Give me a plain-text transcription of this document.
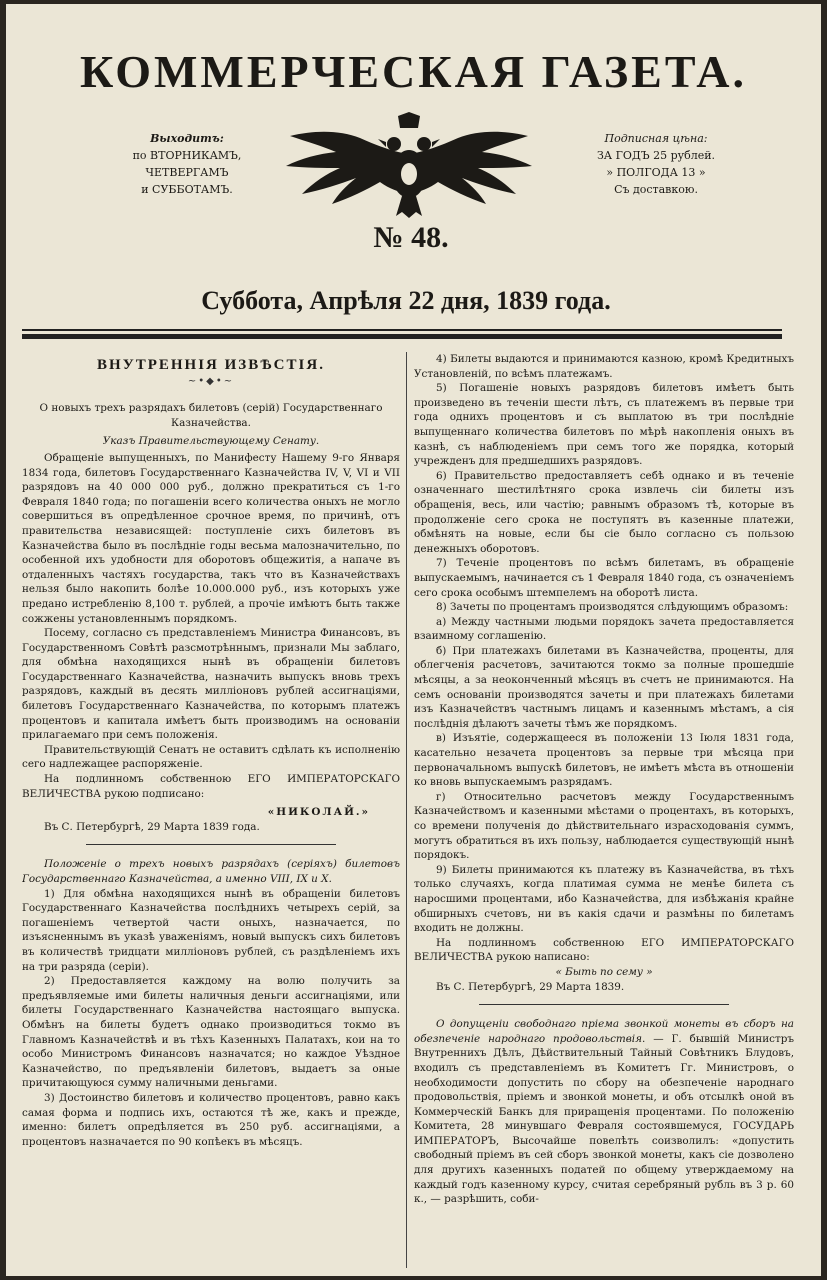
КОММЕРЧЕСКАЯ ГАЗЕТА.
Выходитъ:
по ВТОРНИКАМЪ,
ЧЕТВЕРГАМЪ
и СУББОТАМЪ.
Подписная цѣна:
ЗА ГОДЪ 25 рублей.
» ПОЛГОДА 13 »
Съ доставкою.
№ 48.
Суббота, Апрѣля 22 дня, 1839 года.
ВНУТРЕННІЯ ИЗВѢСТІЯ.
~•◆•~
О новыхъ трехъ разрядахъ билетовъ (серій) Государственнаго Казначейства.
Указъ Правительствующему Сенату.

Обращеніе выпущенныхъ, по Манифесту Нашему 9-го Января 1834 года, билетовъ Государственнаго Казначейства IV, V, VI и VII разрядовъ на 40 000 000 руб., должно прекратиться съ 1-го Февраля 1840 года; по погашеніи всего количества оныхъ не могло совершиться въ опредѣленное срочное время, по причинѣ, отъ правительства независящей: поступленіе сихъ билетовъ въ Казначейства было въ послѣдніе годы весьма малозначительно, по особенной ихъ удобности для оборотовъ общежитія, а напаче въ отдаленныхъ частяхъ государства, такъ что въ Казначействахъ нельзя было накопить болѣе 10.000.000 руб., изъ которыхъ уже предано истребленію 8,100 т. рублей, а прочіе имѣютъ быть также сожжены установленнымъ порядкомъ.

Посему, согласно съ представленіемъ Министра Финансовъ, въ Государственномъ Совѣтѣ разсмотрѣннымъ, признали Мы заблаго, для обмѣна находящихся нынѣ въ обращеніи билетовъ Государственнаго Казначейства, назначить выпускъ вновь трехъ разрядовъ, каждый въ десять милліоновъ рублей ассигнаціями, билетовъ Государственнаго Казначейства, по которымъ платежъ процентовъ и капитала имѣетъ быть производимъ на основаніи прилагаемаго при семъ положенія.

Правительствующій Сенатъ не оставитъ сдѣлать къ исполненію сего надлежащее распоряженіе.

На подлинномъ собственною ЕГО ИМПЕРАТОРСКАГО ВЕЛИЧЕСТВА рукою подписано:

«НИКОЛАЙ.»

Въ С. Петербургѣ, 29 Марта 1839 года.

Положеніе о трехъ новыхъ разрядахъ (серіяхъ) билетовъ Государственнаго Казначейства, а именно VIII, IX и X.

1) Для обмѣна находящихся нынѣ въ обращеніи билетовъ Государственнаго Казначейства послѣднихъ четырехъ серій, за погашеніемъ четвертой части оныхъ, назначается, по изъясненнымъ въ указѣ уваженіямъ, новый выпускъ сихъ билетовъ въ количествѣ тридцати милліоновъ рублей, съ раздѣленіемъ ихъ на три разряда (серіи).

2) Предоставляется каждому на волю получить за предъявляемые ими билеты наличныя деньги ассигнаціями, или билеты Государственнаго Казначейства настоящаго выпуска. Обмѣнъ на билеты будетъ однако производиться токмо въ Главномъ Казначействѣ и въ тѣхъ Казенныхъ Палатахъ, кои на то особо Министромъ Финансовъ назначатся; но каждое Уѣздное Казначейство, по предъявленіи билетовъ, выдаетъ за оные причитающуюся сумму наличными деньгами.

3) Достоинство билетовъ и количество процентовъ, равно какъ самая форма и подпись ихъ, остаются тѣ же, какъ и прежде, именно: билетъ опредѣляется въ 250 руб. ассигнаціями, а процентовъ назначается по 90 копѣекъ въ мѣсяцъ.

4) Билеты выдаются и принимаются казною, кромѣ Кредитныхъ Установленій, по всѣмъ платежамъ.

5) Погашеніе новыхъ разрядовъ билетовъ имѣетъ быть произведено въ теченіи шести лѣтъ, съ платежемъ въ первые три года однихъ процентовъ и съ выплатою въ три послѣдніе выпущеннаго количества билетовъ по мѣрѣ накопленія оныхъ въ казнѣ, съ наблюденіемъ при семъ того же порядка, который учрежденъ для предшедшихъ разрядовъ.

6) Правительство предоставляетъ себѣ однако и въ теченіе означеннаго шестилѣтняго срока извлечь сіи билеты изъ обращенія, весь, или частію; равнымъ образомъ тѣ, которые въ продолженіе сего срока не поступятъ въ казенные платежи, обмѣнять на новые, если бы сіе было согласно съ пользою денежныхъ оборотовъ.

7) Теченіе процентовъ по всѣмъ билетамъ, въ обращеніе выпускаемымъ, начинается съ 1 Февраля 1840 года, съ означеніемъ сего срока особымъ штемпелемъ на оборотѣ листа.

8) Зачеты по процентамъ производятся слѣдующимъ образомъ:

а) Между частными людьми порядокъ зачета предоставляется взаимному соглашенію.

б) При платежахъ билетами въ Казначейства, проценты, для облегченія расчетовъ, зачитаются токмо за полные прошедшіе мѣсяцы, а за неоконченный мѣсяцъ въ счетъ не принимаются. На семъ основаніи производятся зачеты и при платежахъ билетами изъ Казначействъ частнымъ лицамъ и казеннымъ мѣстамъ, а сія послѣднія дѣлаютъ зачеты тѣмъ же порядкомъ.

в) Изъятіе, содержащееся въ положеніи 13 Іюля 1831 года, касательно незачета процентовъ за первые три мѣсяца при первоначальномъ выпускѣ билетовъ, не имѣетъ мѣста въ отношеніи ко вновь выпускаемымъ разрядамъ.

г) Относительно расчетовъ между Государственнымъ Казначействомъ и казенными мѣстами о процентахъ, въ которыхъ, со времени полученія до дѣйствительнаго израсходованія суммъ, могутъ обратиться въ ихъ пользу, наблюдается существующій нынѣ порядокъ.

9) Билеты принимаются къ платежу въ Казначейства, въ тѣхъ только случаяхъ, когда платимая сумма не менѣе билета съ наросшими процентами, ибо Казначейства, для избѣжанія крайне обширныхъ счетовъ, ни въ какія сдачи и размѣны по билетамъ входить не должны.

На подлинномъ собственною ЕГО ИМПЕРАТОРСКАГО ВЕЛИЧЕСТВА рукою написано:

« Быть по сему »

Въ С. Петербургѣ, 29 Марта 1839.

О допущеніи свободнаго пріема звонкой монеты въ сборъ на обезпеченіе народнаго продовольствія. — Г. бывшій Министръ Внутреннихъ Дѣлъ, Дѣйствительный Тайный Совѣтникъ Блудовъ, входилъ съ представленіемъ въ Комитетъ Гг. Министровъ, о необходимости допустить по сбору на обезпеченіе народнаго продовольствія, пріемъ и звонкой монеты, и объ отсылкѣ оной въ Коммерческій Банкъ для приращенія процентами. По положенію Комитета, 28 минувшаго Февраля состоявшемуся, ГОСУДАРЬ ИМПЕРАТОРЪ, Высочайше повелѣть соизволилъ: «допустить свободный пріемъ въ сей сборъ звонкой монеты, какъ сіе дозволено для другихъ казенныхъ податей по общему утверждаемому на каждый годъ казенному курсу, считая серебряный рубль въ 3 р. 60 к., — разрѣшить, соби-
